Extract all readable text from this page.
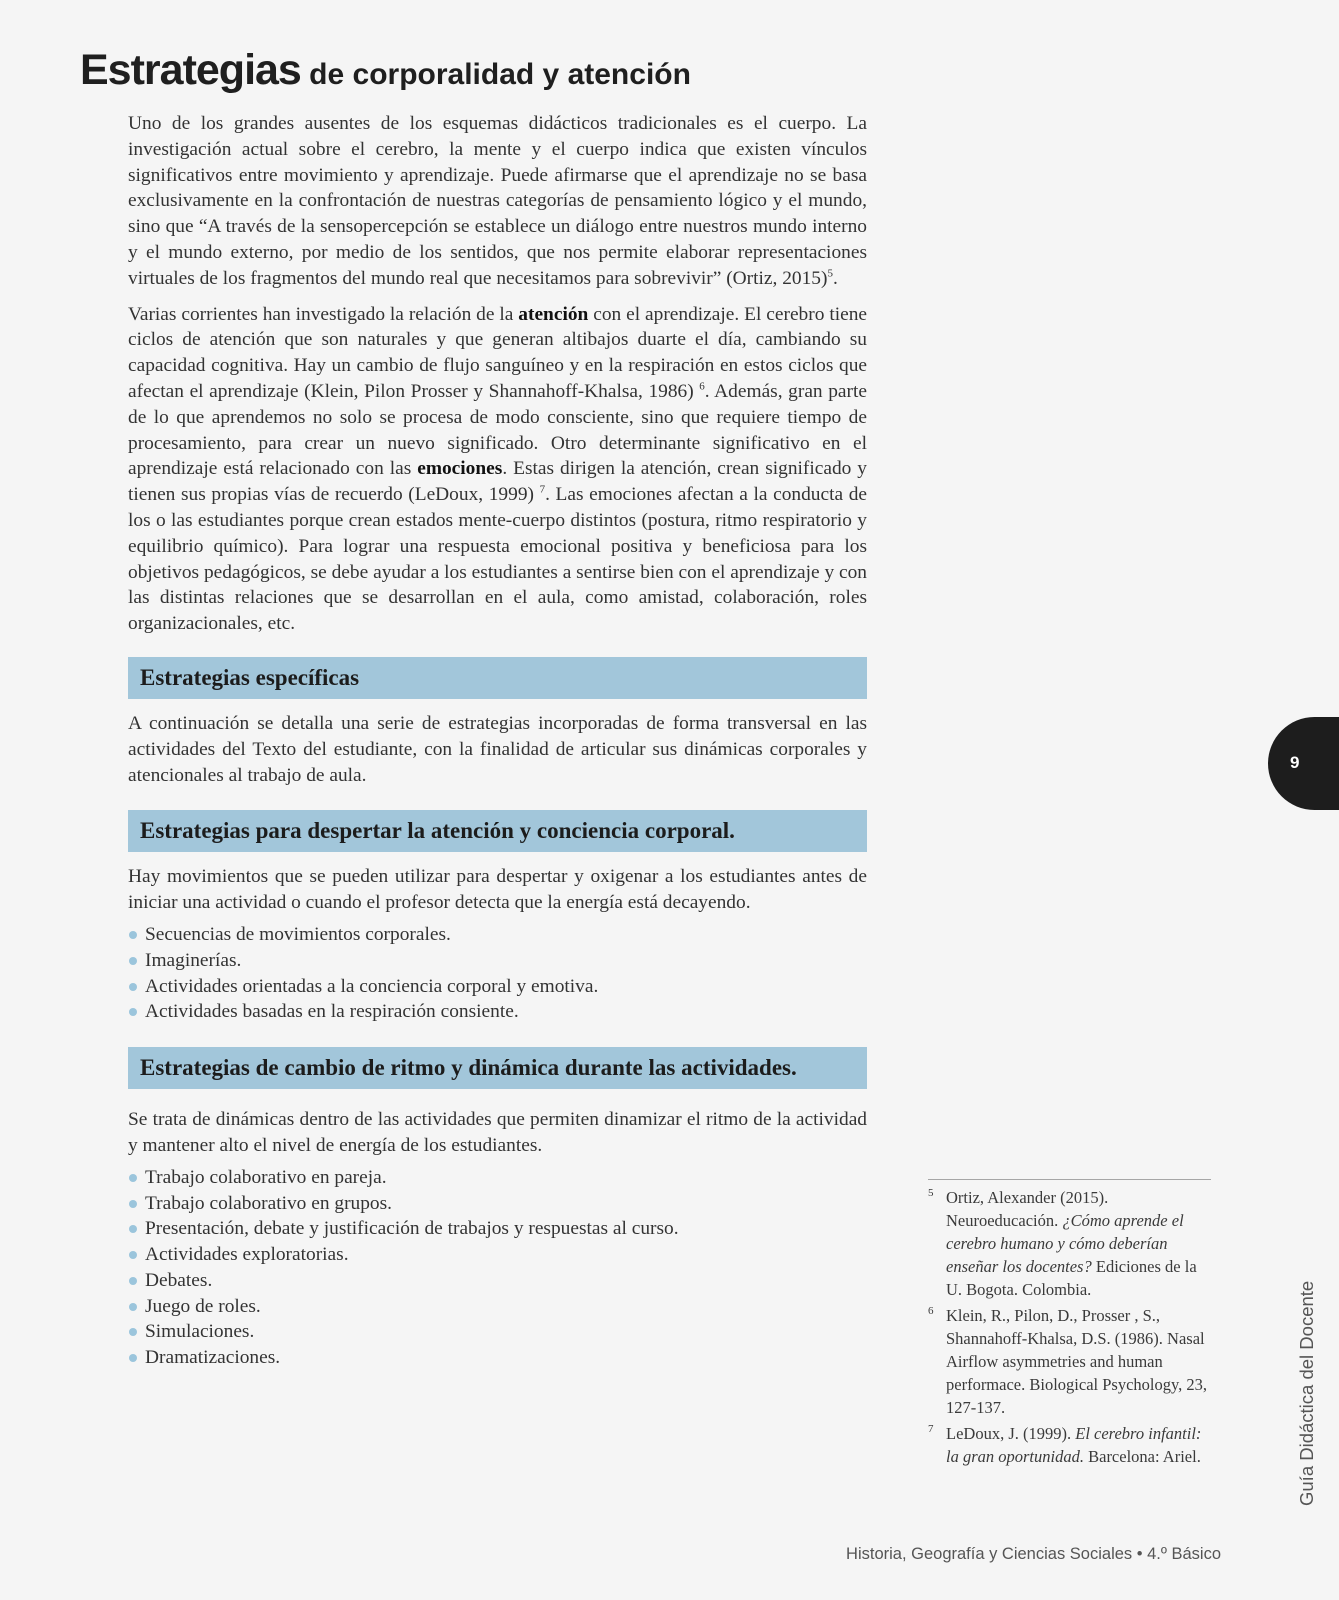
Estrategias de corporalidad y atención

Uno de los grandes ausentes de los esquemas didácticos tradicionales es el cuerpo. La investigación actual sobre el cerebro, la mente y el cuerpo indica que existen vínculos significativos entre movimiento y aprendizaje. Puede afirmarse que el aprendizaje no se basa exclusivamente en la confrontación de nuestras categorías de pensamiento lógico y el mundo, sino que “A través de la sensopercepción se establece un diálogo entre nuestros mundo interno y el mundo externo, por medio de los sentidos, que nos permite elaborar representaciones virtuales de los fragmentos del mundo real que necesitamos para sobrevivir” (Ortiz, 2015)$^5$.

Varias corrientes han investigado la relación de la atención con el aprendizaje. El cerebro tiene ciclos de atención que son naturales y que generan altibajos duarte el día, cambiando su capacidad cognitiva. Hay un cambio de flujo sanguíneo y en la respiración en estos ciclos que afectan el aprendizaje (Klein, Pilon Prosser y Shannahoff-Khalsa, 1986) $^6$. Además, gran parte de lo que aprendemos no solo se procesa de modo consciente, sino que requiere tiempo de procesamiento, para crear un nuevo significado. Otro determinante significativo en el aprendizaje está relacionado con las emociones. Estas dirigen la atención, crean significado y tienen sus propias vías de recuerdo (LeDoux, 1999) $^7$. Las emociones afectan a la conducta de los o las estudiantes porque crean estados mente-cuerpo distintos (postura, ritmo respiratorio y equilibrio químico). Para lograr una respuesta emocional positiva y beneficiosa para los objetivos pedagógicos, se debe ayudar a los estudiantes a sentirse bien con el aprendizaje y con las distintas relaciones que se desarrollan en el aula, como amistad, colaboración, roles organizacionales, etc.

Estrategias específicas

A continuación se detalla una serie de estrategias incorporadas de forma transversal en las actividades del Texto del estudiante, con la finalidad de articular sus dinámicas corporales y atencionales al trabajo de aula.

Estrategias para despertar la atención y conciencia corporal.

Hay movimientos que se pueden utilizar para despertar y oxigenar a los estudiantes antes de iniciar una actividad o cuando el profesor detecta que la energía está decayendo.

Secuencias de movimientos corporales.
Imaginerías.
Actividades orientadas a la conciencia corporal y emotiva.
Actividades basadas en la respiración consiente.
Estrategias de cambio de ritmo y dinámica durante las actividades.

Se trata de dinámicas dentro de las actividades que permiten dinamizar el ritmo de la actividad y mantener alto el nivel de energía de los estudiantes.

Trabajo colaborativo en pareja.
Trabajo colaborativo en grupos.
Presentación, debate y justificación de trabajos y respuestas al curso.
Actividades exploratorias.
Debates.
Juego de roles.
Simulaciones.
Dramatizaciones.
9
5 Ortiz, Alexander (2015). Neuroeducación. ¿Cómo aprende el cerebro humano y cómo deberían enseñar los docentes? Ediciones de la U. Bogota. Colombia.
6 Klein, R., Pilon, D., Prosser , S., Shannahoff-Khalsa, D.S. (1986). Nasal Airflow asymmetries and human performace. Biological Psychology, 23, 127-137.
7 LeDoux, J. (1999). El cerebro infantil: la gran oportunidad. Barcelona: Ariel.	Guía Didáctica del Docente
Historia, Geografía y Ciencias Sociales • 4.º Básico
